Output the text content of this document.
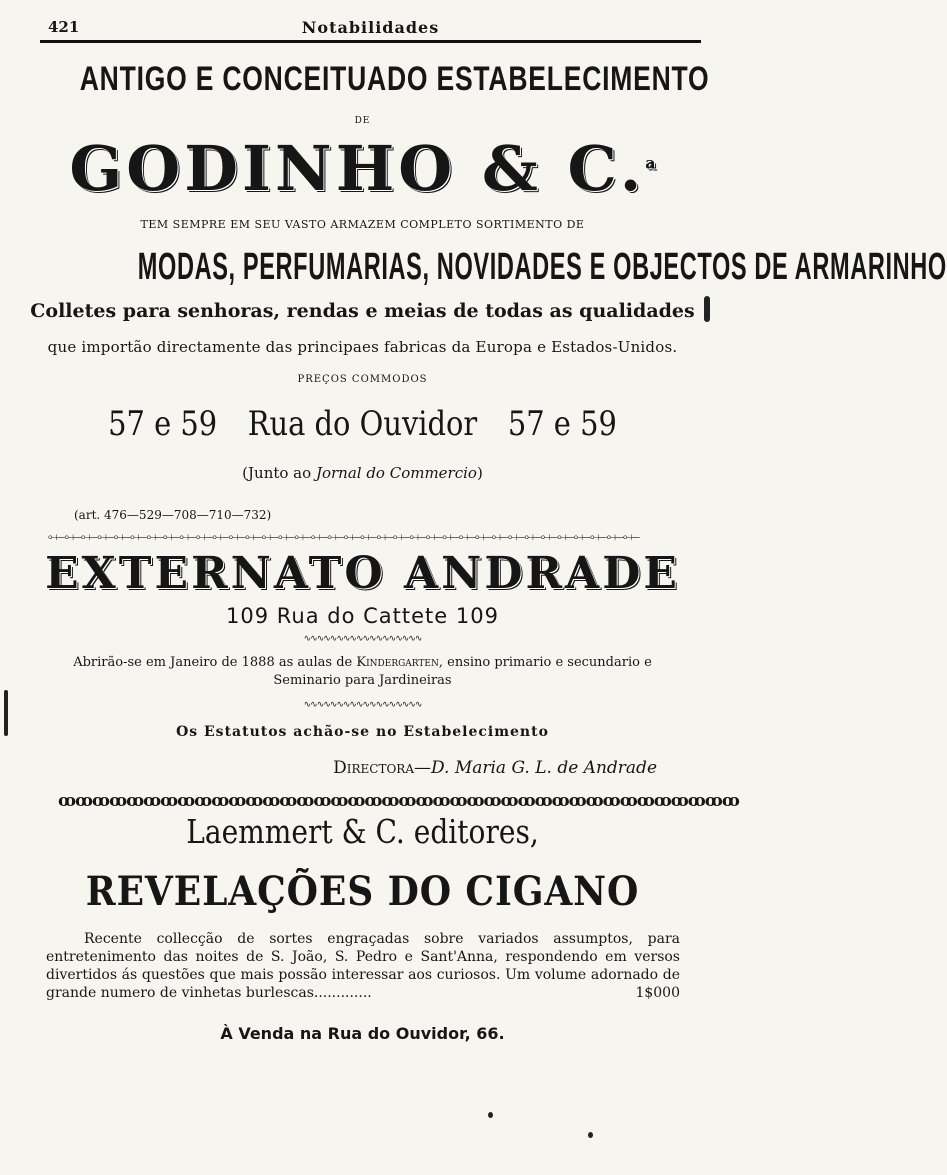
421	Notabilidades
ANTIGO E CONCEITUADO ESTABELECIMENTO
DE
GODINHO & C.$^a$
TEM SEMPRE EM SEU VASTO ARMAZEM COMPLETO SORTIMENTO DE
MODAS, PERFUMARIAS, NOVIDADES E OBJECTOS DE ARMARINHO
Colletes para senhoras, rendas e meias de todas as qualidades
que importão directamente das principaes fabricas da Europa e Estados-Unidos.
PREÇOS COMMODOS
57 e 59 Rua do Ouvidor 57 e 59
(Junto ao Jornal do Commercio)
(art. 476—529—708—710—732)
⟜⟝⟜⟝⟜⟝⟜⟝⟜⟝⟜⟝⟜⟝⟜⟝⟜⟝⟜⟝⟜⟝⟜⟝⟜⟝⟜⟝⟜⟝⟜⟝⟜⟝⟜⟝⟜⟝⟜⟝⟜⟝⟜⟝⟜⟝⟜⟝⟜⟝⟜⟝⟜⟝⟜⟝⟜⟝⟜⟝⟜⟝⟜⟝⟜⟝⟜⟝⟜⟝⟜⟝
EXTERNATO ANDRADE
109 Rua do Cattete 109
∿∿∿∿∿∿∿∿∿∿∿∿∿∿∿∿∿∿
Abrirão-se em Janeiro de 1888 as aulas de Kindergarten, ensino primario e secundario e Seminario para Jardineiras
∿∿∿∿∿∿∿∿∿∿∿∿∿∿∿∿∿∿
Os Estatutos achão-se no Estabelecimento
Directora—D. Maria G. L. de Andrade
ꝏꝏꝏꝏꝏꝏꝏꝏꝏꝏꝏꝏꝏꝏꝏꝏꝏꝏꝏꝏꝏꝏꝏꝏꝏꝏꝏꝏꝏꝏꝏꝏꝏꝏꝏꝏꝏꝏꝏꝏ
Laemmert & C. editores,
REVELAÇÕES DO CIGANO
Recente collecção de sortes engraçadas sobre variados assumptos, para entretenimento das noites de S. João, S. Pedro e Sant'Anna, respondendo em versos divertidos ás questões que mais possão interessar aos curiosos. Um volume adornado de grande numero de vinhetas burlescas.............	1$000
À Venda na Rua do Ouvidor, 66.
